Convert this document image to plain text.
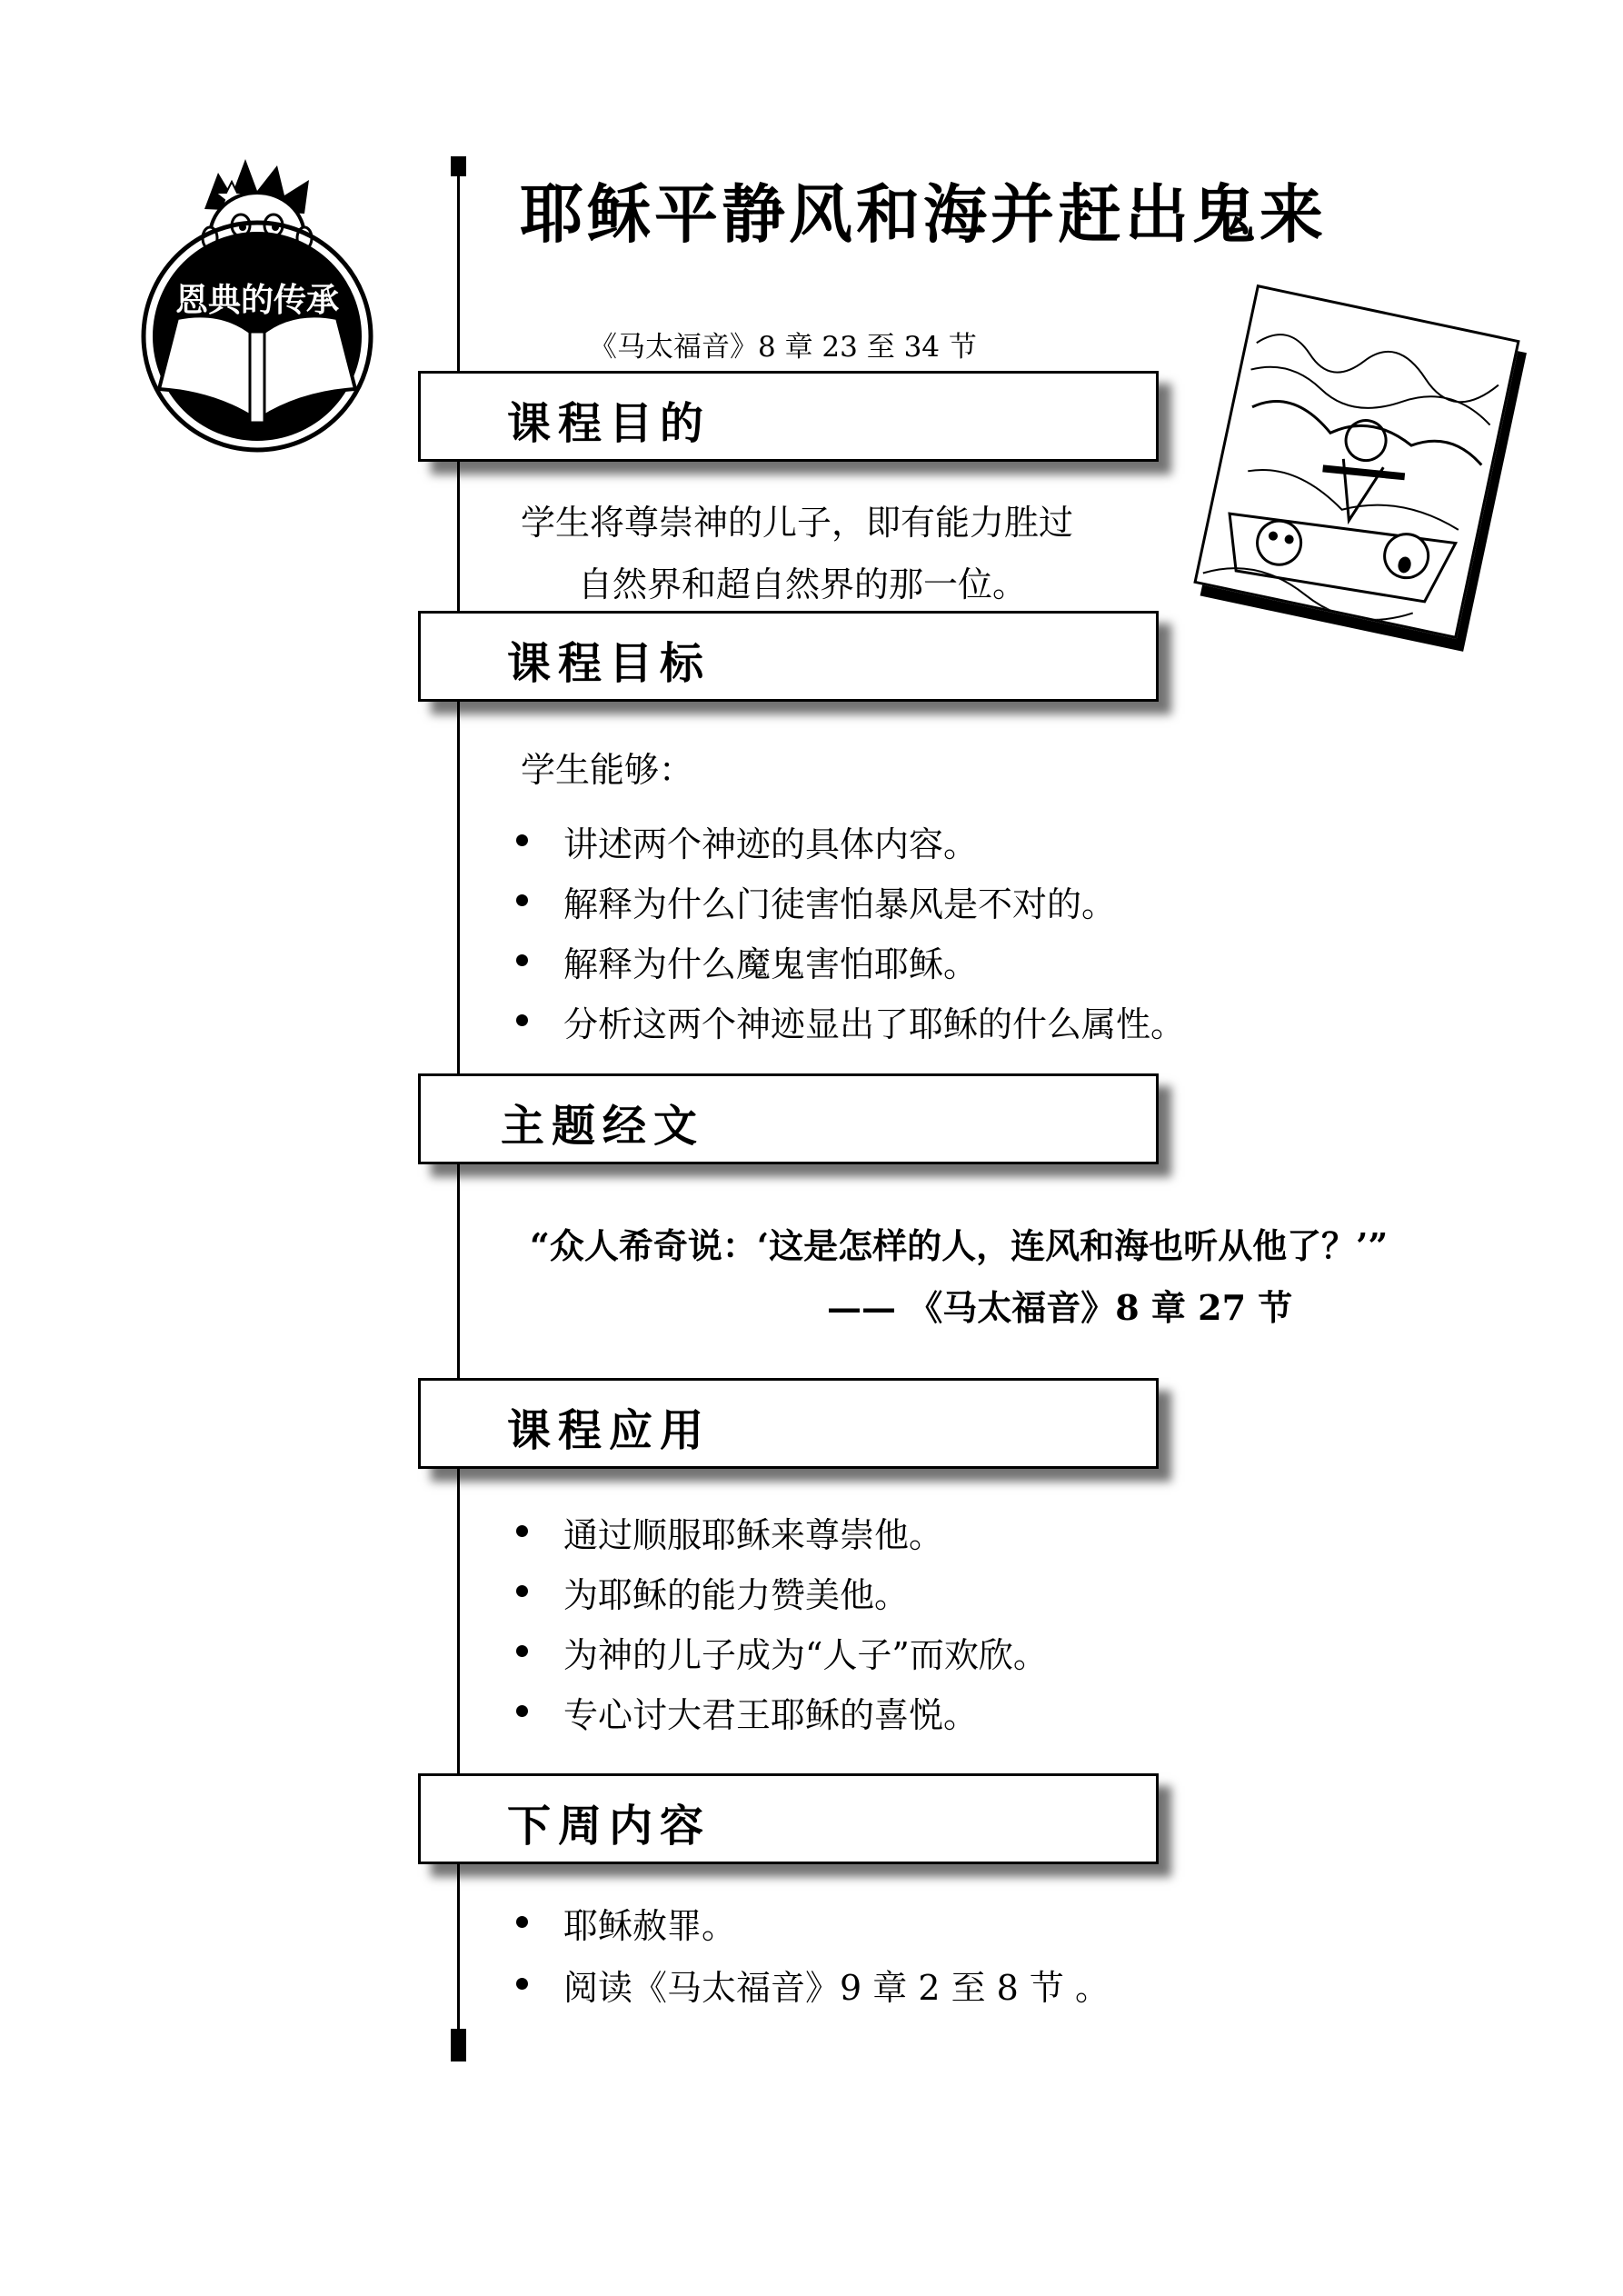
恩典的传承
耶稣平静风和海并赶出鬼来
《马太福音》8 章 23 至 34 节
课程目的
学生将尊崇神的儿子，即有能力胜过
自然界和超自然界的那一位。
课程目标
学生能够：
讲述两个神迹的具体内容。
解释为什么门徒害怕暴风是不对的。
解释为什么魔鬼害怕耶稣。
分析这两个神迹显出了耶稣的什么属性。
主题经文
“众人希奇说：‘这是怎样的人，连风和海也听从他了？’”
—— 《马太福音》8 章 27 节
课程应用
通过顺服耶稣来尊崇他。
为耶稣的能力赞美他。
为神的儿子成为“人子”而欢欣。
专心讨大君王耶稣的喜悦。
下周内容
耶稣赦罪。
阅读《马太福音》9 章 2 至 8 节 。
